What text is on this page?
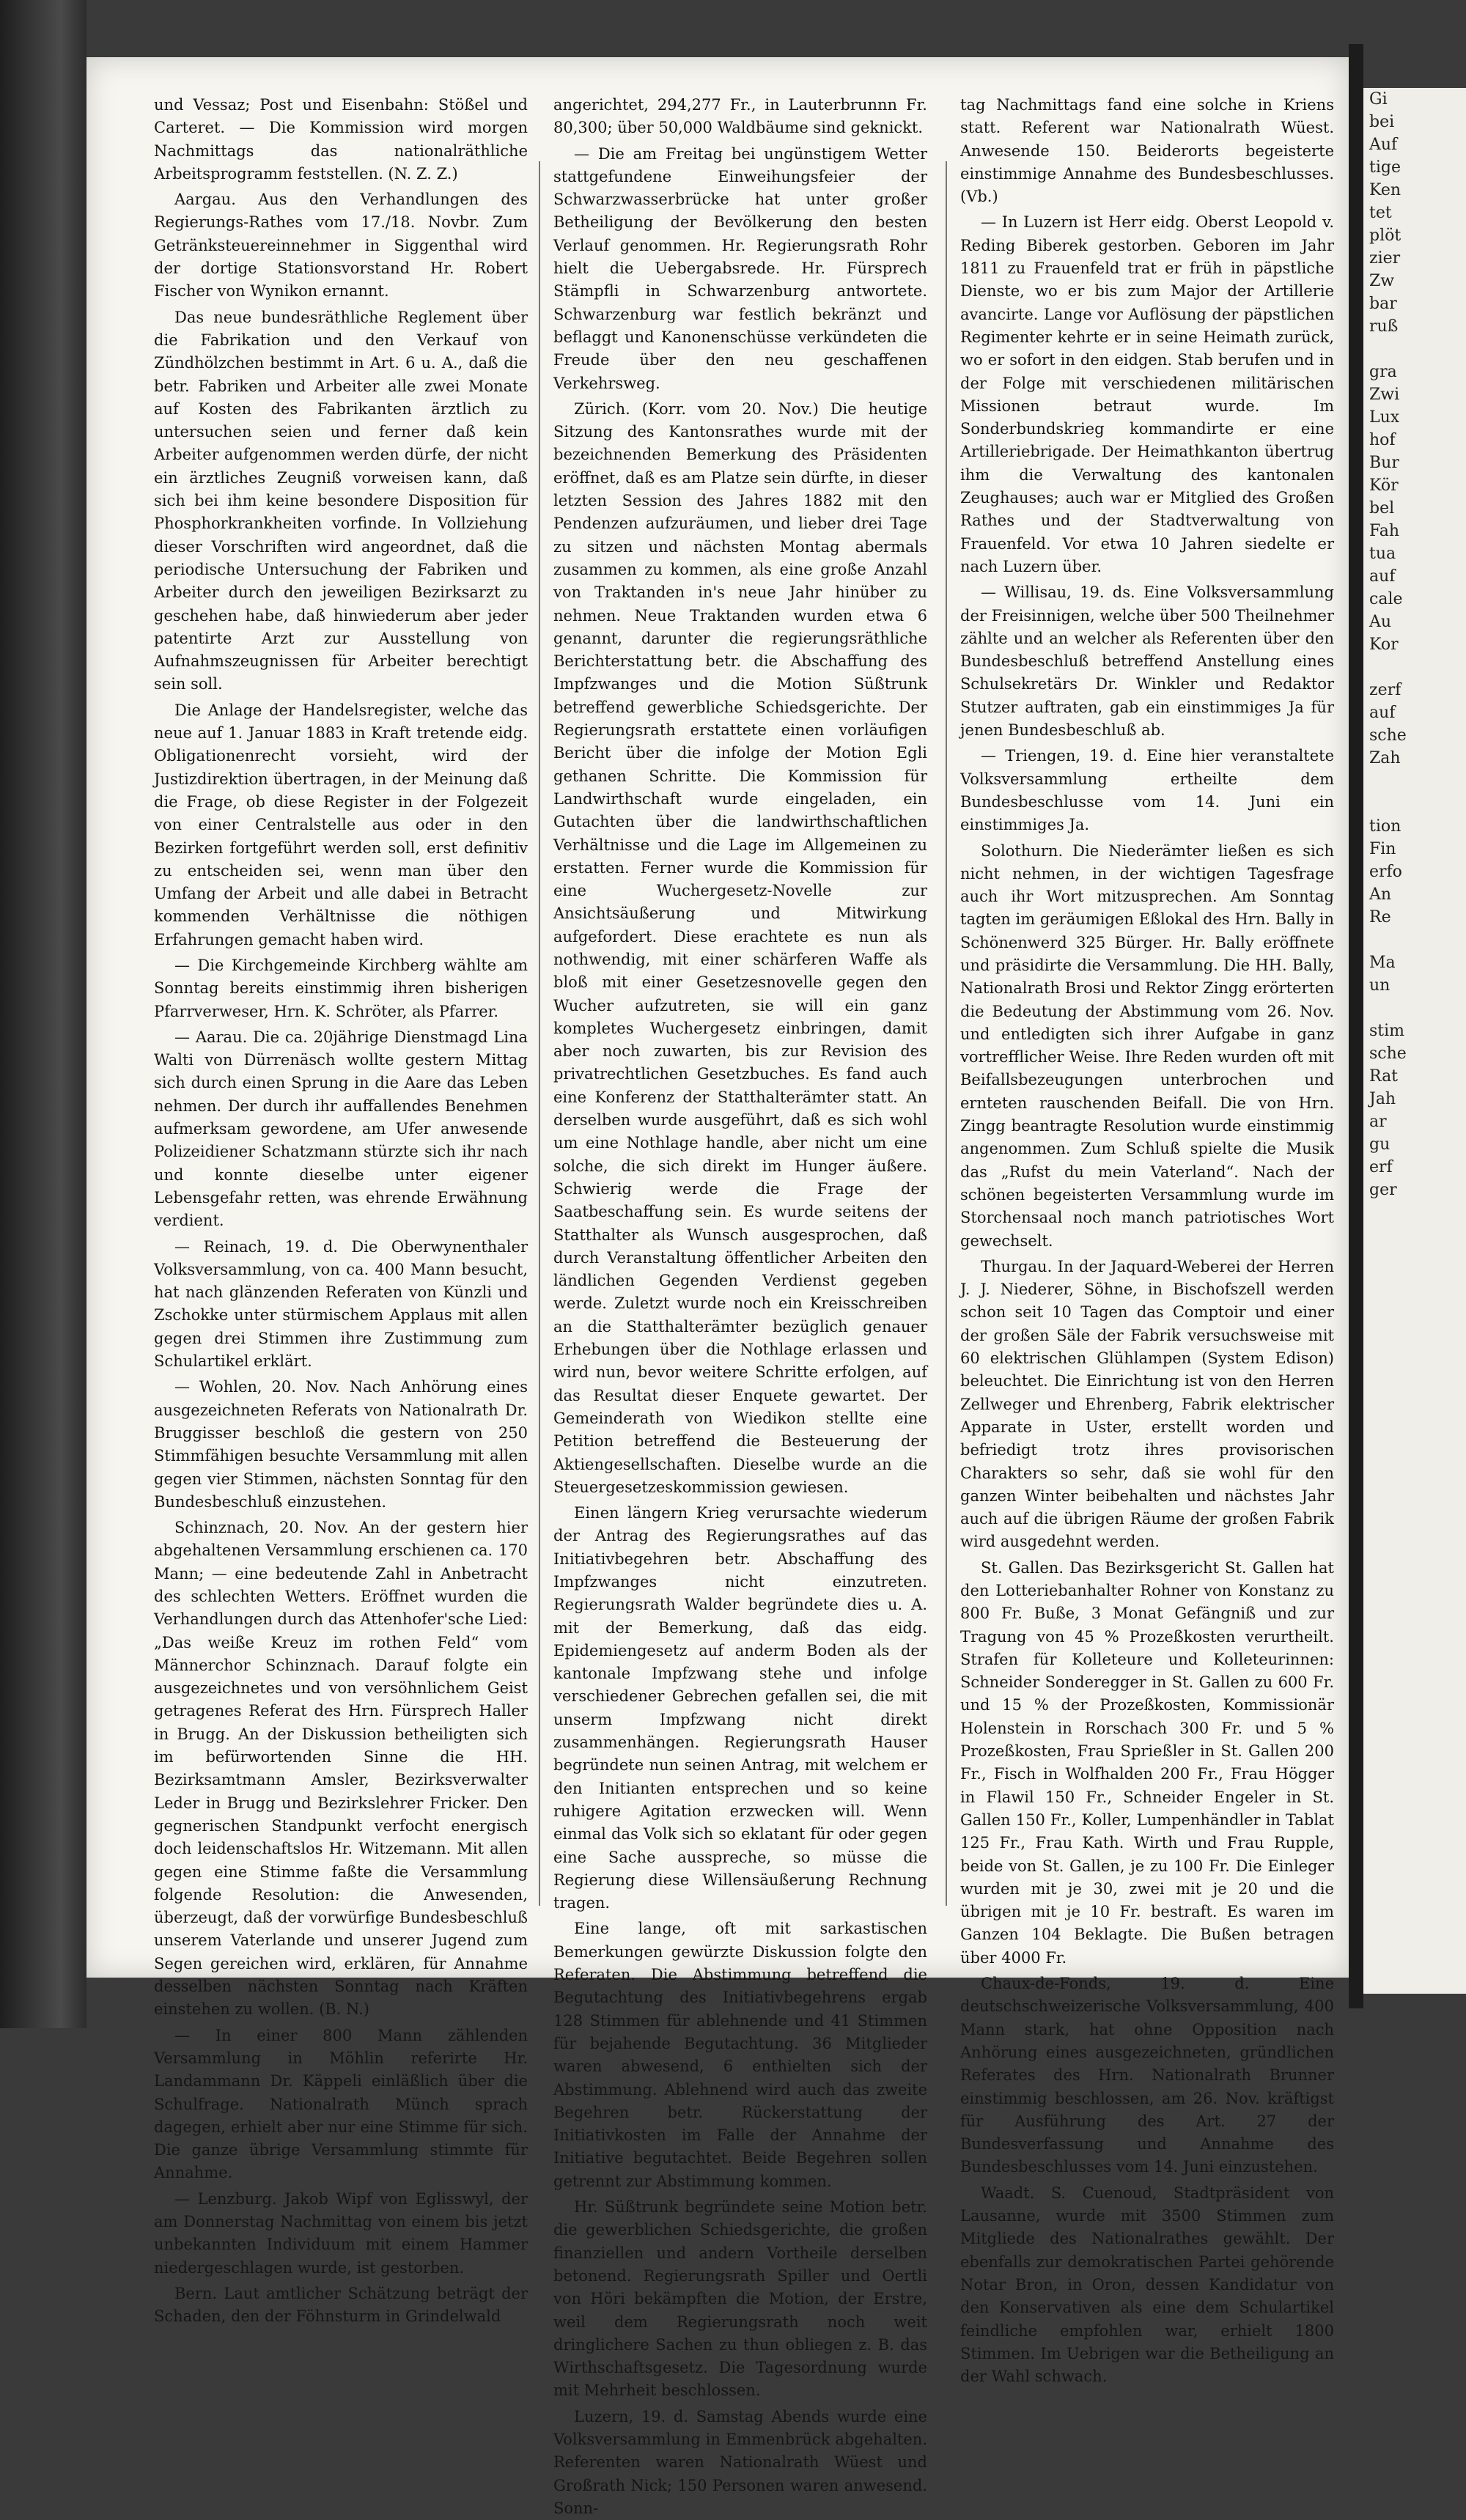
und Vessaz; Post und Eisenbahn: Stößel und Carteret. — Die Kommission wird morgen Nachmittags das nationalräthliche Arbeitsprogramm feststellen. (N. Z. Z.)

Aargau. Aus den Verhandlungen des Regierungs-Rathes vom 17./18. Novbr. Zum Getränksteuereinnehmer in Siggenthal wird der dortige Stationsvorstand Hr. Robert Fischer von Wynikon ernannt.

Das neue bundesräthliche Reglement über die Fabrikation und den Verkauf von Zündhölzchen bestimmt in Art. 6 u. A., daß die betr. Fabriken und Arbeiter alle zwei Monate auf Kosten des Fabrikanten ärztlich zu untersuchen seien und ferner daß kein Arbeiter aufgenommen werden dürfe, der nicht ein ärztliches Zeugniß vorweisen kann, daß sich bei ihm keine besondere Disposition für Phosphorkrankheiten vorfinde. In Vollziehung dieser Vorschriften wird angeordnet, daß die periodische Untersuchung der Fabriken und Arbeiter durch den jeweiligen Bezirksarzt zu geschehen habe, daß hinwiederum aber jeder patentirte Arzt zur Ausstellung von Aufnahmszeugnissen für Arbeiter berechtigt sein soll.

Die Anlage der Handelsregister, welche das neue auf 1. Januar 1883 in Kraft tretende eidg. Obligationenrecht vorsieht, wird der Justizdirektion übertragen, in der Meinung daß die Frage, ob diese Register in der Folgezeit von einer Centralstelle aus oder in den Bezirken fortgeführt werden soll, erst definitiv zu entscheiden sei, wenn man über den Umfang der Arbeit und alle dabei in Betracht kommenden Verhältnisse die nöthigen Erfahrungen gemacht haben wird.

— Die Kirchgemeinde Kirchberg wählte am Sonntag bereits einstimmig ihren bisherigen Pfarrverweser, Hrn. K. Schröter, als Pfarrer.

— Aarau. Die ca. 20jährige Dienstmagd Lina Walti von Dürrenäsch wollte gestern Mittag sich durch einen Sprung in die Aare das Leben nehmen. Der durch ihr auffallendes Benehmen aufmerksam gewordene, am Ufer anwesende Polizeidiener Schatzmann stürzte sich ihr nach und konnte dieselbe unter eigener Lebensgefahr retten, was ehrende Erwähnung verdient.

— Reinach, 19. d. Die Oberwynenthaler Volksversammlung, von ca. 400 Mann besucht, hat nach glänzenden Referaten von Künzli und Zschokke unter stürmischem Applaus mit allen gegen drei Stimmen ihre Zustimmung zum Schulartikel erklärt.

— Wohlen, 20. Nov. Nach Anhörung eines ausgezeichneten Referats von Nationalrath Dr. Bruggisser beschloß die gestern von 250 Stimmfähigen besuchte Versammlung mit allen gegen vier Stimmen, nächsten Sonntag für den Bundesbeschluß einzustehen.

Schinznach, 20. Nov. An der gestern hier abgehaltenen Versammlung erschienen ca. 170 Mann; — eine bedeutende Zahl in Anbetracht des schlechten Wetters. Eröffnet wurden die Verhandlungen durch das Attenhofer'sche Lied: „Das weiße Kreuz im rothen Feld“ vom Männerchor Schinznach. Darauf folgte ein ausgezeichnetes und von versöhnlichem Geist getragenes Referat des Hrn. Fürsprech Haller in Brugg. An der Diskussion betheiligten sich im befürwortenden Sinne die HH. Bezirksamtmann Amsler, Bezirksverwalter Leder in Brugg und Bezirkslehrer Fricker. Den gegnerischen Standpunkt verfocht energisch doch leidenschaftslos Hr. Witzemann. Mit allen gegen eine Stimme faßte die Versammlung folgende Resolution: die Anwesenden, überzeugt, daß der vorwürfige Bundesbeschluß unserem Vaterlande und unserer Jugend zum Segen gereichen wird, erklären, für Annahme desselben nächsten Sonntag nach Kräften einstehen zu wollen. (B. N.)

— In einer 800 Mann zählenden Versammlung in Möhlin referirte Hr. Landammann Dr. Käppeli einläßlich über die Schulfrage. Nationalrath Münch sprach dagegen, erhielt aber nur eine Stimme für sich. Die ganze übrige Versammlung stimmte für Annahme.

— Lenzburg. Jakob Wipf von Eglisswyl, der am Donnerstag Nachmittag von einem bis jetzt unbekannten Individuum mit einem Hammer niedergeschlagen wurde, ist gestorben.

Bern. Laut amtlicher Schätzung beträgt der Schaden, den der Föhnsturm in Grindelwald

angerichtet, 294,277 Fr., in Lauterbrunnn Fr. 80,300; über 50,000 Waldbäume sind geknickt.

— Die am Freitag bei ungünstigem Wetter stattgefundene Einweihungsfeier der Schwarzwasserbrücke hat unter großer Betheiligung der Bevölkerung den besten Verlauf genommen. Hr. Regierungsrath Rohr hielt die Uebergabsrede. Hr. Fürsprech Stämpfli in Schwarzenburg antwortete. Schwarzenburg war festlich bekränzt und beflaggt und Kanonenschüsse verkündeten die Freude über den neu geschaffenen Verkehrsweg.

Zürich. (Korr. vom 20. Nov.) Die heutige Sitzung des Kantonsrathes wurde mit der bezeichnenden Bemerkung des Präsidenten eröffnet, daß es am Platze sein dürfte, in dieser letzten Session des Jahres 1882 mit den Pendenzen aufzuräumen, und lieber drei Tage zu sitzen und nächsten Montag abermals zusammen zu kommen, als eine große Anzahl von Traktanden in's neue Jahr hinüber zu nehmen. Neue Traktanden wurden etwa 6 genannt, darunter die regierungsräthliche Berichterstattung betr. die Abschaffung des Impfzwanges und die Motion Süßtrunk betreffend gewerbliche Schiedsgerichte. Der Regierungsrath erstattete einen vorläufigen Bericht über die infolge der Motion Egli gethanen Schritte. Die Kommission für Landwirthschaft wurde eingeladen, ein Gutachten über die landwirthschaftlichen Verhältnisse und die Lage im Allgemeinen zu erstatten. Ferner wurde die Kommission für eine Wuchergesetz-Novelle zur Ansichtsäußerung und Mitwirkung aufgefordert. Diese erachtete es nun als nothwendig, mit einer schärferen Waffe als bloß mit einer Gesetzesnovelle gegen den Wucher aufzutreten, sie will ein ganz kompletes Wuchergesetz einbringen, damit aber noch zuwarten, bis zur Revision des privatrechtlichen Gesetzbuches. Es fand auch eine Konferenz der Statthalterämter statt. An derselben wurde ausgeführt, daß es sich wohl um eine Nothlage handle, aber nicht um eine solche, die sich direkt im Hunger äußere. Schwierig werde die Frage der Saatbeschaffung sein. Es wurde seitens der Statthalter als Wunsch ausgesprochen, daß durch Veranstaltung öffentlicher Arbeiten den ländlichen Gegenden Verdienst gegeben werde. Zuletzt wurde noch ein Kreisschreiben an die Statthalterämter bezüglich genauer Erhebungen über die Nothlage erlassen und wird nun, bevor weitere Schritte erfolgen, auf das Resultat dieser Enquete gewartet. Der Gemeinderath von Wiedikon stellte eine Petition betreffend die Besteuerung der Aktiengesellschaften. Dieselbe wurde an die Steuergesetzeskommission gewiesen.

Einen längern Krieg verursachte wiederum der Antrag des Regierungsrathes auf das Initiativbegehren betr. Abschaffung des Impfzwanges nicht einzutreten. Regierungsrath Walder begründete dies u. A. mit der Bemerkung, daß das eidg. Epidemiengesetz auf anderm Boden als der kantonale Impfzwang stehe und infolge verschiedener Gebrechen gefallen sei, die mit unserm Impfzwang nicht direkt zusammenhängen. Regierungsrath Hauser begründete nun seinen Antrag, mit welchem er den Initianten entsprechen und so keine ruhigere Agitation erzwecken will. Wenn einmal das Volk sich so eklatant für oder gegen eine Sache ausspreche, so müsse die Regierung diese Willensäußerung Rechnung tragen.

Eine lange, oft mit sarkastischen Bemerkungen gewürzte Diskussion folgte den Referaten. Die Abstimmung betreffend die Begutachtung des Initiativbegehrens ergab 128 Stimmen für ablehnende und 41 Stimmen für bejahende Begutachtung. 36 Mitglieder waren abwesend, 6 enthielten sich der Abstimmung. Ablehnend wird auch das zweite Begehren betr. Rückerstattung der Initiativkosten im Falle der Annahme der Initiative begutachtet. Beide Begehren sollen getrennt zur Abstimmung kommen.

Hr. Süßtrunk begründete seine Motion betr. die gewerblichen Schiedsgerichte, die großen finanziellen und andern Vortheile derselben betonend. Regierungsrath Spiller und Oertli von Höri bekämpften die Motion, der Erstre, weil dem Regierungsrath noch weit dringlichere Sachen zu thun obliegen z. B. das Wirthschaftsgesetz. Die Tagesordnung wurde mit Mehrheit beschlossen.

Luzern, 19. d. Samstag Abends wurde eine Volksversammlung in Emmenbrück abgehalten. Referenten waren Nationalrath Wüest und Großrath Nick; 150 Personen waren anwesend. Sonn-

tag Nachmittags fand eine solche in Kriens statt. Referent war Nationalrath Wüest. Anwesende 150. Beiderorts begeisterte einstimmige Annahme des Bundesbeschlusses. (Vb.)

— In Luzern ist Herr eidg. Oberst Leopold v. Reding Biberek gestorben. Geboren im Jahr 1811 zu Frauenfeld trat er früh in päpstliche Dienste, wo er bis zum Major der Artillerie avancirte. Lange vor Auflösung der päpstlichen Regimenter kehrte er in seine Heimath zurück, wo er sofort in den eidgen. Stab berufen und in der Folge mit verschiedenen militärischen Missionen betraut wurde. Im Sonderbundskrieg kommandirte er eine Artilleriebrigade. Der Heimathkanton übertrug ihm die Verwaltung des kantonalen Zeughauses; auch war er Mitglied des Großen Rathes und der Stadtverwaltung von Frauenfeld. Vor etwa 10 Jahren siedelte er nach Luzern über.

— Willisau, 19. ds. Eine Volksversammlung der Freisinnigen, welche über 500 Theilnehmer zählte und an welcher als Referenten über den Bundesbeschluß betreffend Anstellung eines Schulsekretärs Dr. Winkler und Redaktor Stutzer auftraten, gab ein einstimmiges Ja für jenen Bundesbeschluß ab.

— Triengen, 19. d. Eine hier veranstaltete Volksversammlung ertheilte dem Bundesbeschlusse vom 14. Juni ein einstimmiges Ja.

Solothurn. Die Niederämter ließen es sich nicht nehmen, in der wichtigen Tagesfrage auch ihr Wort mitzusprechen. Am Sonntag tagten im geräumigen Eßlokal des Hrn. Bally in Schönenwerd 325 Bürger. Hr. Bally eröffnete und präsidirte die Versammlung. Die HH. Bally, Nationalrath Brosi und Rektor Zingg erörterten die Bedeutung der Abstimmung vom 26. Nov. und entledigten sich ihrer Aufgabe in ganz vortrefflicher Weise. Ihre Reden wurden oft mit Beifallsbezeugungen unterbrochen und ernteten rauschenden Beifall. Die von Hrn. Zingg beantragte Resolution wurde einstimmig angenommen. Zum Schluß spielte die Musik das „Rufst du mein Vaterland“. Nach der schönen begeisterten Versammlung wurde im Storchensaal noch manch patriotisches Wort gewechselt.

Thurgau. In der Jaquard-Weberei der Herren J. J. Niederer, Söhne, in Bischofszell werden schon seit 10 Tagen das Comptoir und einer der großen Säle der Fabrik versuchsweise mit 60 elektrischen Glühlampen (System Edison) beleuchtet. Die Einrichtung ist von den Herren Zellweger und Ehrenberg, Fabrik elektrischer Apparate in Uster, erstellt worden und befriedigt trotz ihres provisorischen Charakters so sehr, daß sie wohl für den ganzen Winter beibehalten und nächstes Jahr auch auf die übrigen Räume der großen Fabrik wird ausgedehnt werden.

St. Gallen. Das Bezirksgericht St. Gallen hat den Lotteriebanhalter Rohner von Konstanz zu 800 Fr. Buße, 3 Monat Gefängniß und zur Tragung von 45 % Prozeßkosten verurtheilt. Strafen für Kolleteure und Kolleteurinnen: Schneider Sonderegger in St. Gallen zu 600 Fr. und 15 % der Prozeßkosten, Kommissionär Holenstein in Rorschach 300 Fr. und 5 % Prozeßkosten, Frau Sprießler in St. Gallen 200 Fr., Fisch in Wolfhalden 200 Fr., Frau Högger in Flawil 150 Fr., Schneider Engeler in St. Gallen 150 Fr., Koller, Lumpenhändler in Tablat 125 Fr., Frau Kath. Wirth und Frau Rupple, beide von St. Gallen, je zu 100 Fr. Die Einleger wurden mit je 30, zwei mit je 20 und die übrigen mit je 10 Fr. bestraft. Es waren im Ganzen 104 Beklagte. Die Bußen betragen über 4000 Fr.

Chaux-de-Fonds, 19. d. Eine deutschschweizerische Volksversammlung, 400 Mann stark, hat ohne Opposition nach Anhörung eines ausgezeichneten, gründlichen Referates des Hrn. Nationalrath Brunner einstimmig beschlossen, am 26. Nov. kräftigst für Ausführung des Art. 27 der Bundesverfassung und Annahme des Bundesbeschlusses vom 14. Juni einzustehen.

Waadt. S. Cuenoud, Stadtpräsident von Lausanne, wurde mit 3500 Stimmen zum Mitgliede des Nationalrathes gewählt. Der ebenfalls zur demokratischen Partei gehörende Notar Bron, in Oron, dessen Kandidatur von den Konservativen als eine dem Schulartikel feindliche empfohlen war, erhielt 1800 Stimmen. Im Uebrigen war die Betheiligung an der Wahl schwach.

Gi

bei

Auf

tige

Ken

tet

plöt

zier

Zw

bar

ruß

gra

Zwi

Lux

hof

Bur

Kör

bel

Fah

tua

auf

cale

Au

Kor

zerf

auf

sche

Zah

tion

Fin

erfo

An

Re

Ma

un

stim

sche

Rat

Jah

ar

gu

erf

ger
